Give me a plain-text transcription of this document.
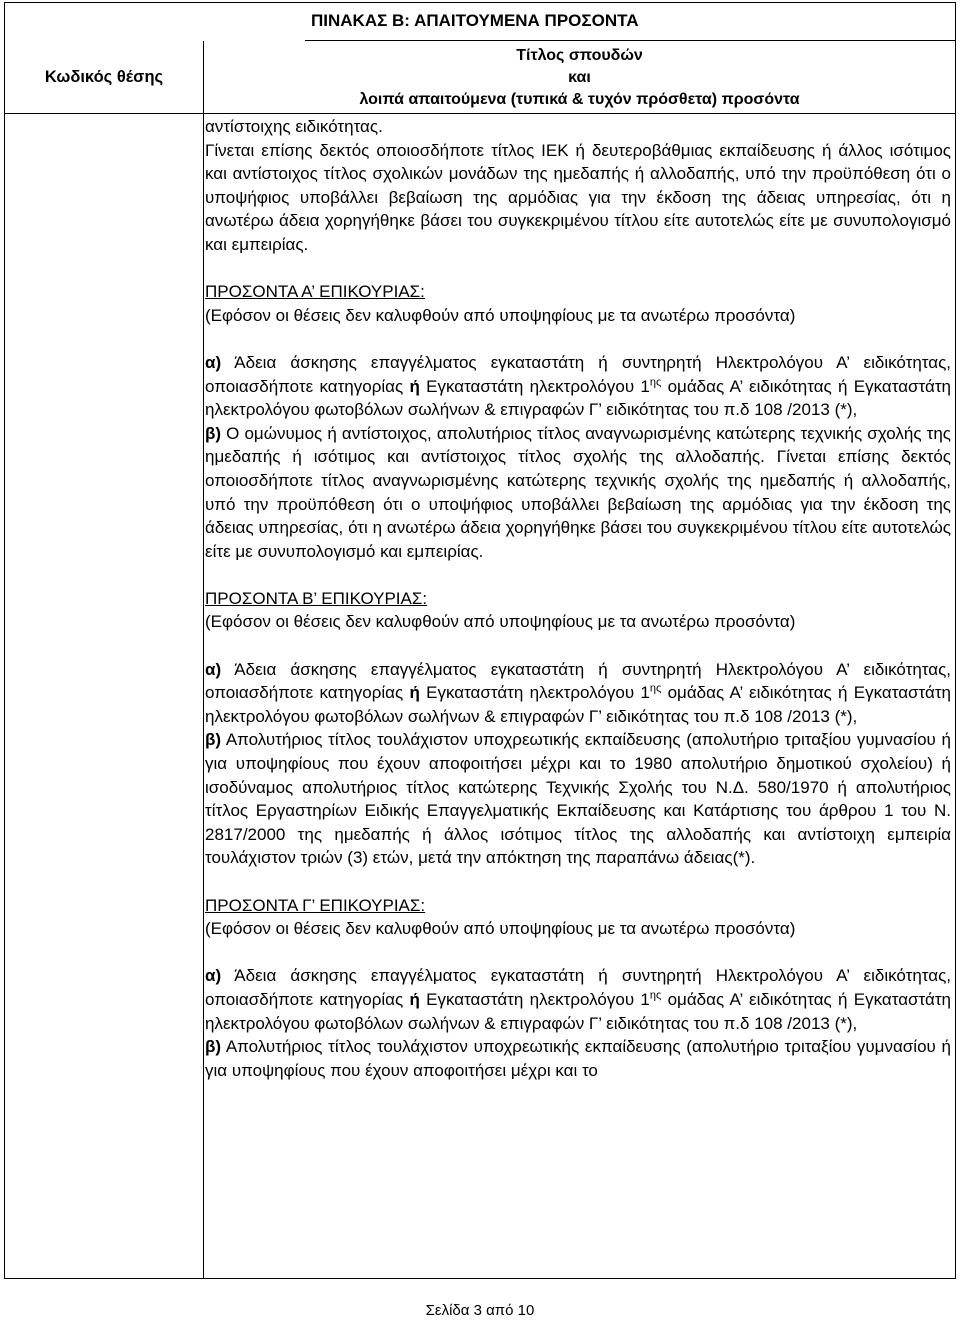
ΠΙΝΑΚΑΣ Β: ΑΠΑΙΤΟΥΜΕΝΑ ΠΡΟΣΟΝΤΑ
Κωδικός θέσης
Τίτλος σπουδών
και
λοιπά απαιτούμενα (τυπικά & τυχόν πρόσθετα) προσόντα

αντίστοιχης ειδικότητας.

Γίνεται επίσης δεκτός οποιοσδήποτε τίτλος ΙΕΚ ή δευτεροβάθμιας εκπαίδευσης ή άλλος ισότιμος και αντίστοιχος τίτλος σχολικών μονάδων της ημεδαπής ή αλλοδαπής, υπό την προϋπόθεση ότι ο υποψήφιος υποβάλλει βεβαίωση της αρμόδιας για την έκδοση της άδειας υπηρεσίας, ότι η ανωτέρω άδεια χορηγήθηκε βάσει του συγκεκριμένου τίτλου είτε αυτοτελώς είτε με συνυπολογισμό και εμπειρίας.

ΠΡΟΣΟΝΤΑ Α’ ΕΠΙΚΟΥΡΙΑΣ:

(Εφόσον οι θέσεις δεν καλυφθούν από υποψηφίους με τα ανωτέρω προσόντα)

α) Άδεια άσκησης επαγγέλματος εγκαταστάτη ή συντηρητή Ηλεκτρολόγου Α’ ειδικότητας, οποιασδήποτε κατηγορίας ή Εγκαταστάτη ηλεκτρολόγου $1^{\eta\varsigma}$ ομάδας Α’ ειδικότητας ή Εγκαταστάτη ηλεκτρολόγου φωτοβόλων σωλήνων & επιγραφών Γ’ ειδικότητας του π.δ 108 /2013 (*),

β) Ο ομώνυμος ή αντίστοιχος, απολυτήριος τίτλος αναγνωρισμένης κατώτερης τεχνικής σχολής της ημεδαπής ή ισότιμος και αντίστοιχος τίτλος σχολής της αλλοδαπής. Γίνεται επίσης δεκτός οποιοσδήποτε τίτλος αναγνωρισμένης κατώτερης τεχνικής σχολής της ημεδαπής ή αλλοδαπής, υπό την προϋπόθεση ότι ο υποψήφιος υποβάλλει βεβαίωση της αρμόδιας για την έκδοση της άδειας υπηρεσίας, ότι η ανωτέρω άδεια χορηγήθηκε βάσει του συγκεκριμένου τίτλου είτε αυτοτελώς είτε με συνυπολογισμό και εμπειρίας.

ΠΡΟΣΟΝΤΑ Β’ ΕΠΙΚΟΥΡΙΑΣ:

(Εφόσον οι θέσεις δεν καλυφθούν από υποψηφίους με τα ανωτέρω προσόντα)

α) Άδεια άσκησης επαγγέλματος εγκαταστάτη ή συντηρητή Ηλεκτρολόγου Α’ ειδικότητας, οποιασδήποτε κατηγορίας ή Εγκαταστάτη ηλεκτρολόγου $1^{\eta\varsigma}$ ομάδας Α’ ειδικότητας ή Εγκαταστάτη ηλεκτρολόγου φωτοβόλων σωλήνων & επιγραφών Γ’ ειδικότητας του π.δ 108 /2013 (*),

β) Απολυτήριος τίτλος τουλάχιστον υποχρεωτικής εκπαίδευσης (απολυτήριο τριταξίου γυμνασίου ή για υποψηφίους που έχουν αποφοιτήσει μέχρι και το 1980 απολυτήριο δημοτικού σχολείου) ή ισοδύναμος απολυτήριος τίτλος κατώτερης Τεχνικής Σχολής του Ν.Δ. 580/1970 ή απολυτήριος τίτλος Εργαστηρίων Ειδικής Επαγγελματικής Εκπαίδευσης και Κατάρτισης του άρθρου 1 του Ν. 2817/2000 της ημεδαπής ή άλλος ισότιμος τίτλος της αλλοδαπής και αντίστοιχη εμπειρία τουλάχιστον τριών (3) ετών, μετά την απόκτηση της παραπάνω άδειας(*).

ΠΡΟΣΟΝΤΑ Γ’ ΕΠΙΚΟΥΡΙΑΣ:

(Εφόσον οι θέσεις δεν καλυφθούν από υποψηφίους με τα ανωτέρω προσόντα)

α) Άδεια άσκησης επαγγέλματος εγκαταστάτη ή συντηρητή Ηλεκτρολόγου Α’ ειδικότητας, οποιασδήποτε κατηγορίας ή Εγκαταστάτη ηλεκτρολόγου $1^{\eta\varsigma}$ ομάδας Α’ ειδικότητας ή Εγκαταστάτη ηλεκτρολόγου φωτοβόλων σωλήνων & επιγραφών Γ’ ειδικότητας του π.δ 108 /2013 (*),

β) Απολυτήριος τίτλος τουλάχιστον υποχρεωτικής εκπαίδευσης (απολυτήριο τριταξίου γυμνασίου ή για υποψηφίους που έχουν αποφοιτήσει μέχρι και το

Σελίδα 3 από 10
